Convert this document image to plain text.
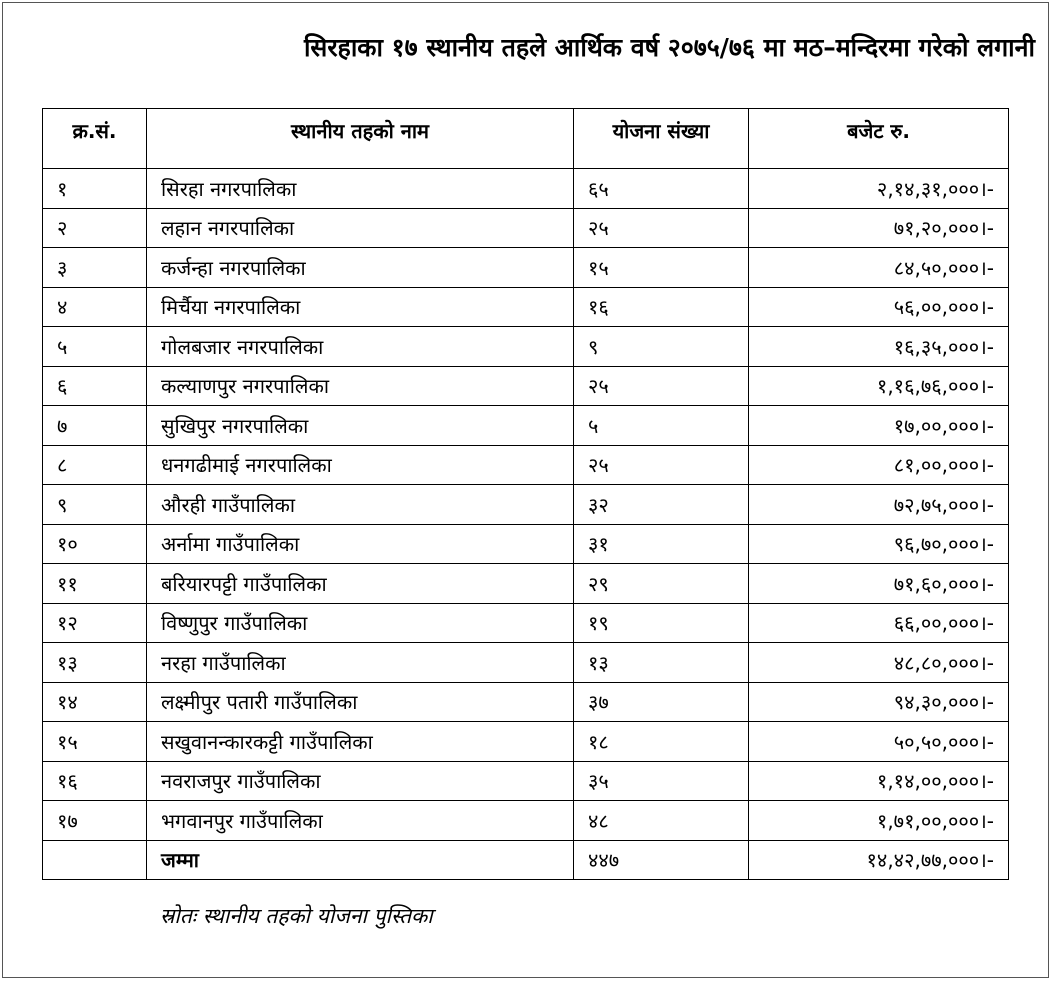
सिरहाका १७ स्थानीय तहले आर्थिक वर्ष २०७५/७६ मा मठ–मन्दिरमा गरेको लगानी
क्र.सं.	स्थानीय तहको नाम	योजना संख्या	बजेट रु.
१	सिरहा नगरपालिका	६५	२,१४,३१,०००।-
२	लहान नगरपालिका	२५	७१,२०,०००।-
३	कर्जन्हा नगरपालिका	१५	८४,५०,०००।-
४	मिर्चैया नगरपालिका	१६	५६,००,०००।-
५	गोलबजार नगरपालिका	९	१६,३५,०००।-
६	कल्याणपुर नगरपालिका	२५	१,१६,७६,०००।-
७	सुखिपुर नगरपालिका	५	१७,००,०००।-
८	धनगढीमाई नगरपालिका	२५	८१,००,०००।-
९	औरही गाउँपालिका	३२	७२,७५,०००।-
१०	अर्नामा गाउँपालिका	३१	९६,७०,०००।-
११	बरियारपट्टी गाउँपालिका	२९	७१,६०,०००।-
१२	विष्णुपुर गाउँपालिका	१९	६६,००,०००।-
१३	नरहा गाउँपालिका	१३	४८,८०,०००।-
१४	लक्ष्मीपुर पतारी गाउँपालिका	३७	९४,३०,०००।-
१५	सखुवानन्कारकट्टी गाउँपालिका	१८	५०,५०,०००।-
१६	नवराजपुर गाउँपालिका	३५	१,१४,००,०००।-
१७	भगवानपुर गाउँपालिका	४८	१,७१,००,०००।-
	जम्मा	४४७	१४,४२,७७,०००।-
स्रोतः स्थानीय तहको योजना पुस्तिका
